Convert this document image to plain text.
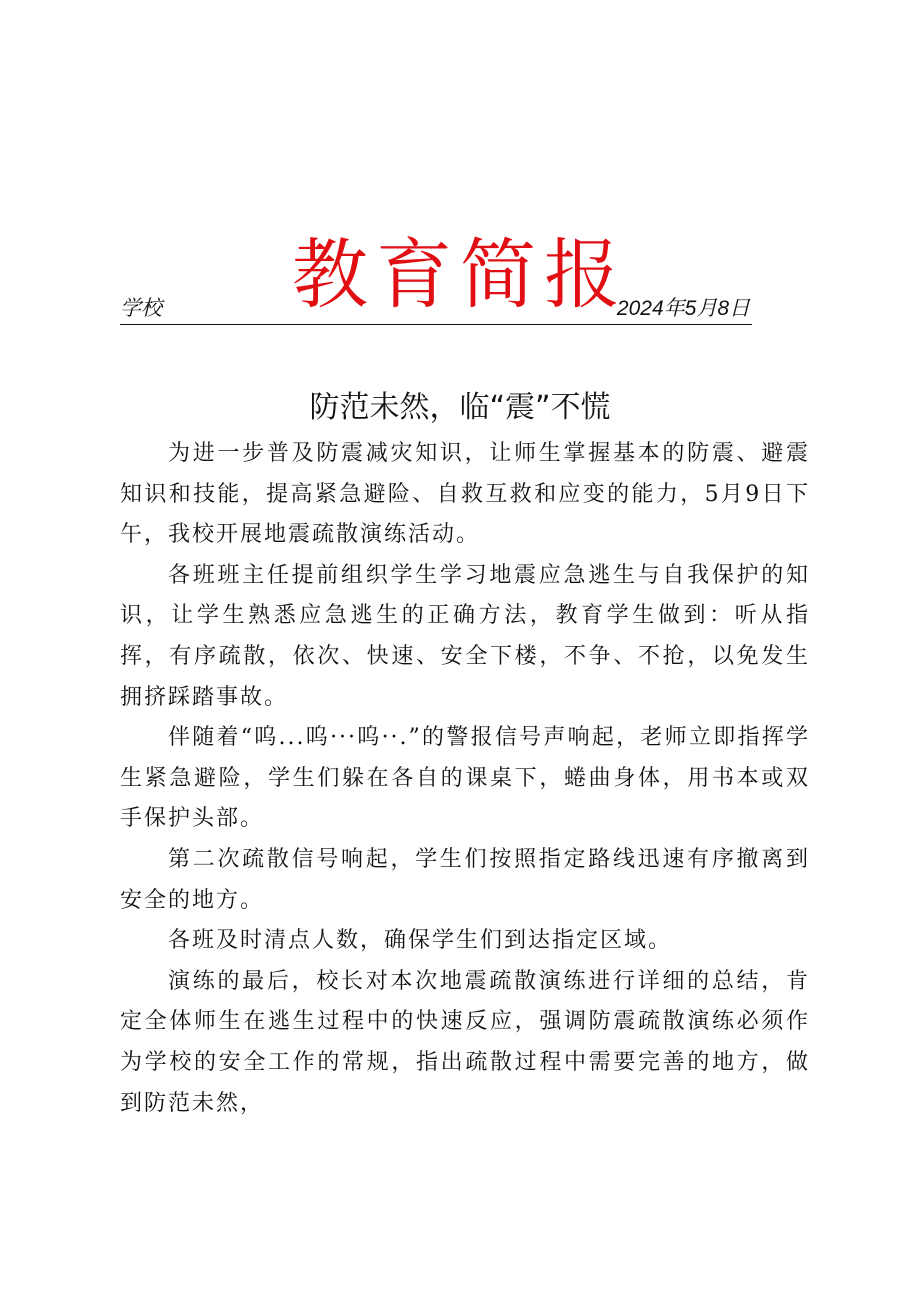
教育简报
学校	2024年5月8日
防范未然，临“震”不慌

为进一步普及防震减灾知识，让师生掌握基本的防震、避震知识和技能，提高紧急避险、自救互救和应变的能力，5月9日下午，我校开展地震疏散演练活动。

各班班主任提前组织学生学习地震应急逃生与自我保护的知识，让学生熟悉应急逃生的正确方法，教育学生做到：听从指挥，有序疏散，依次、快速、安全下楼，不争、不抢，以免发生拥挤踩踏事故。

伴随着“呜...呜···呜··.”的警报信号声响起，老师立即指挥学生紧急避险，学生们躲在各自的课桌下，蜷曲身体，用书本或双手保护头部。

第二次疏散信号响起，学生们按照指定路线迅速有序撤离到安全的地方。

各班及时清点人数，确保学生们到达指定区域。

演练的最后，校长对本次地震疏散演练进行详细的总结，肯定全体师生在逃生过程中的快速反应，强调防震疏散演练必须作为学校的安全工作的常规，指出疏散过程中需要完善的地方，做到防范未然，
